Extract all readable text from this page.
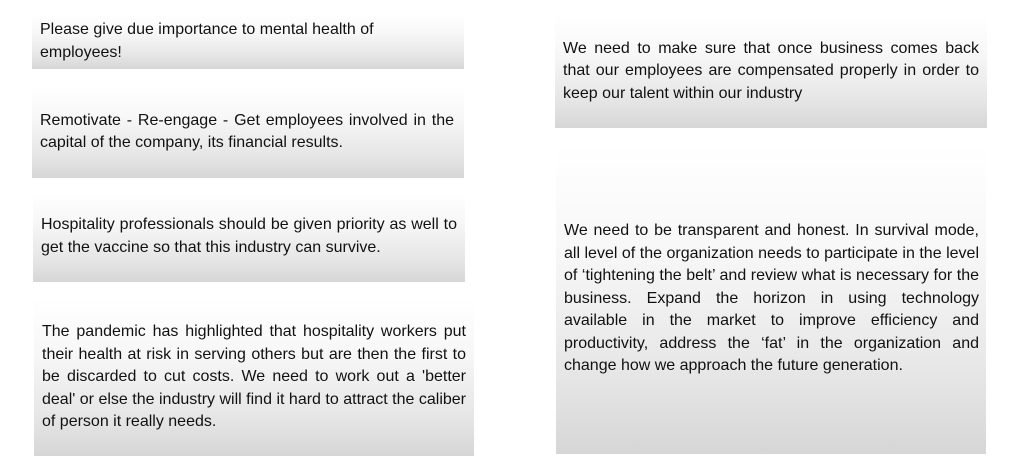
Please give due importance to mental health of employees!

Remotivate - Re-engage - Get employees involved in the capital of the company, its financial results.

Hospitality professionals should be given priority as well to get the vaccine so that this industry can survive.

The pandemic has highlighted that hospitality workers put their health at risk in serving others but are then the first to be discarded to cut costs. We need to work out a 'better deal' or else the industry will find it hard to attract the caliber of person it really needs.

We need to make sure that once business comes back that our employees are compensated properly in order to keep our talent within our industry

We need to be transparent and honest. In survival mode, all level of the organization needs to participate in the level of ‘tightening the belt’ and review what is necessary for the business. Expand the horizon in using technology available in the market to improve efficiency and productivity, address the ‘fat’ in the organization and change how we approach the future generation.
